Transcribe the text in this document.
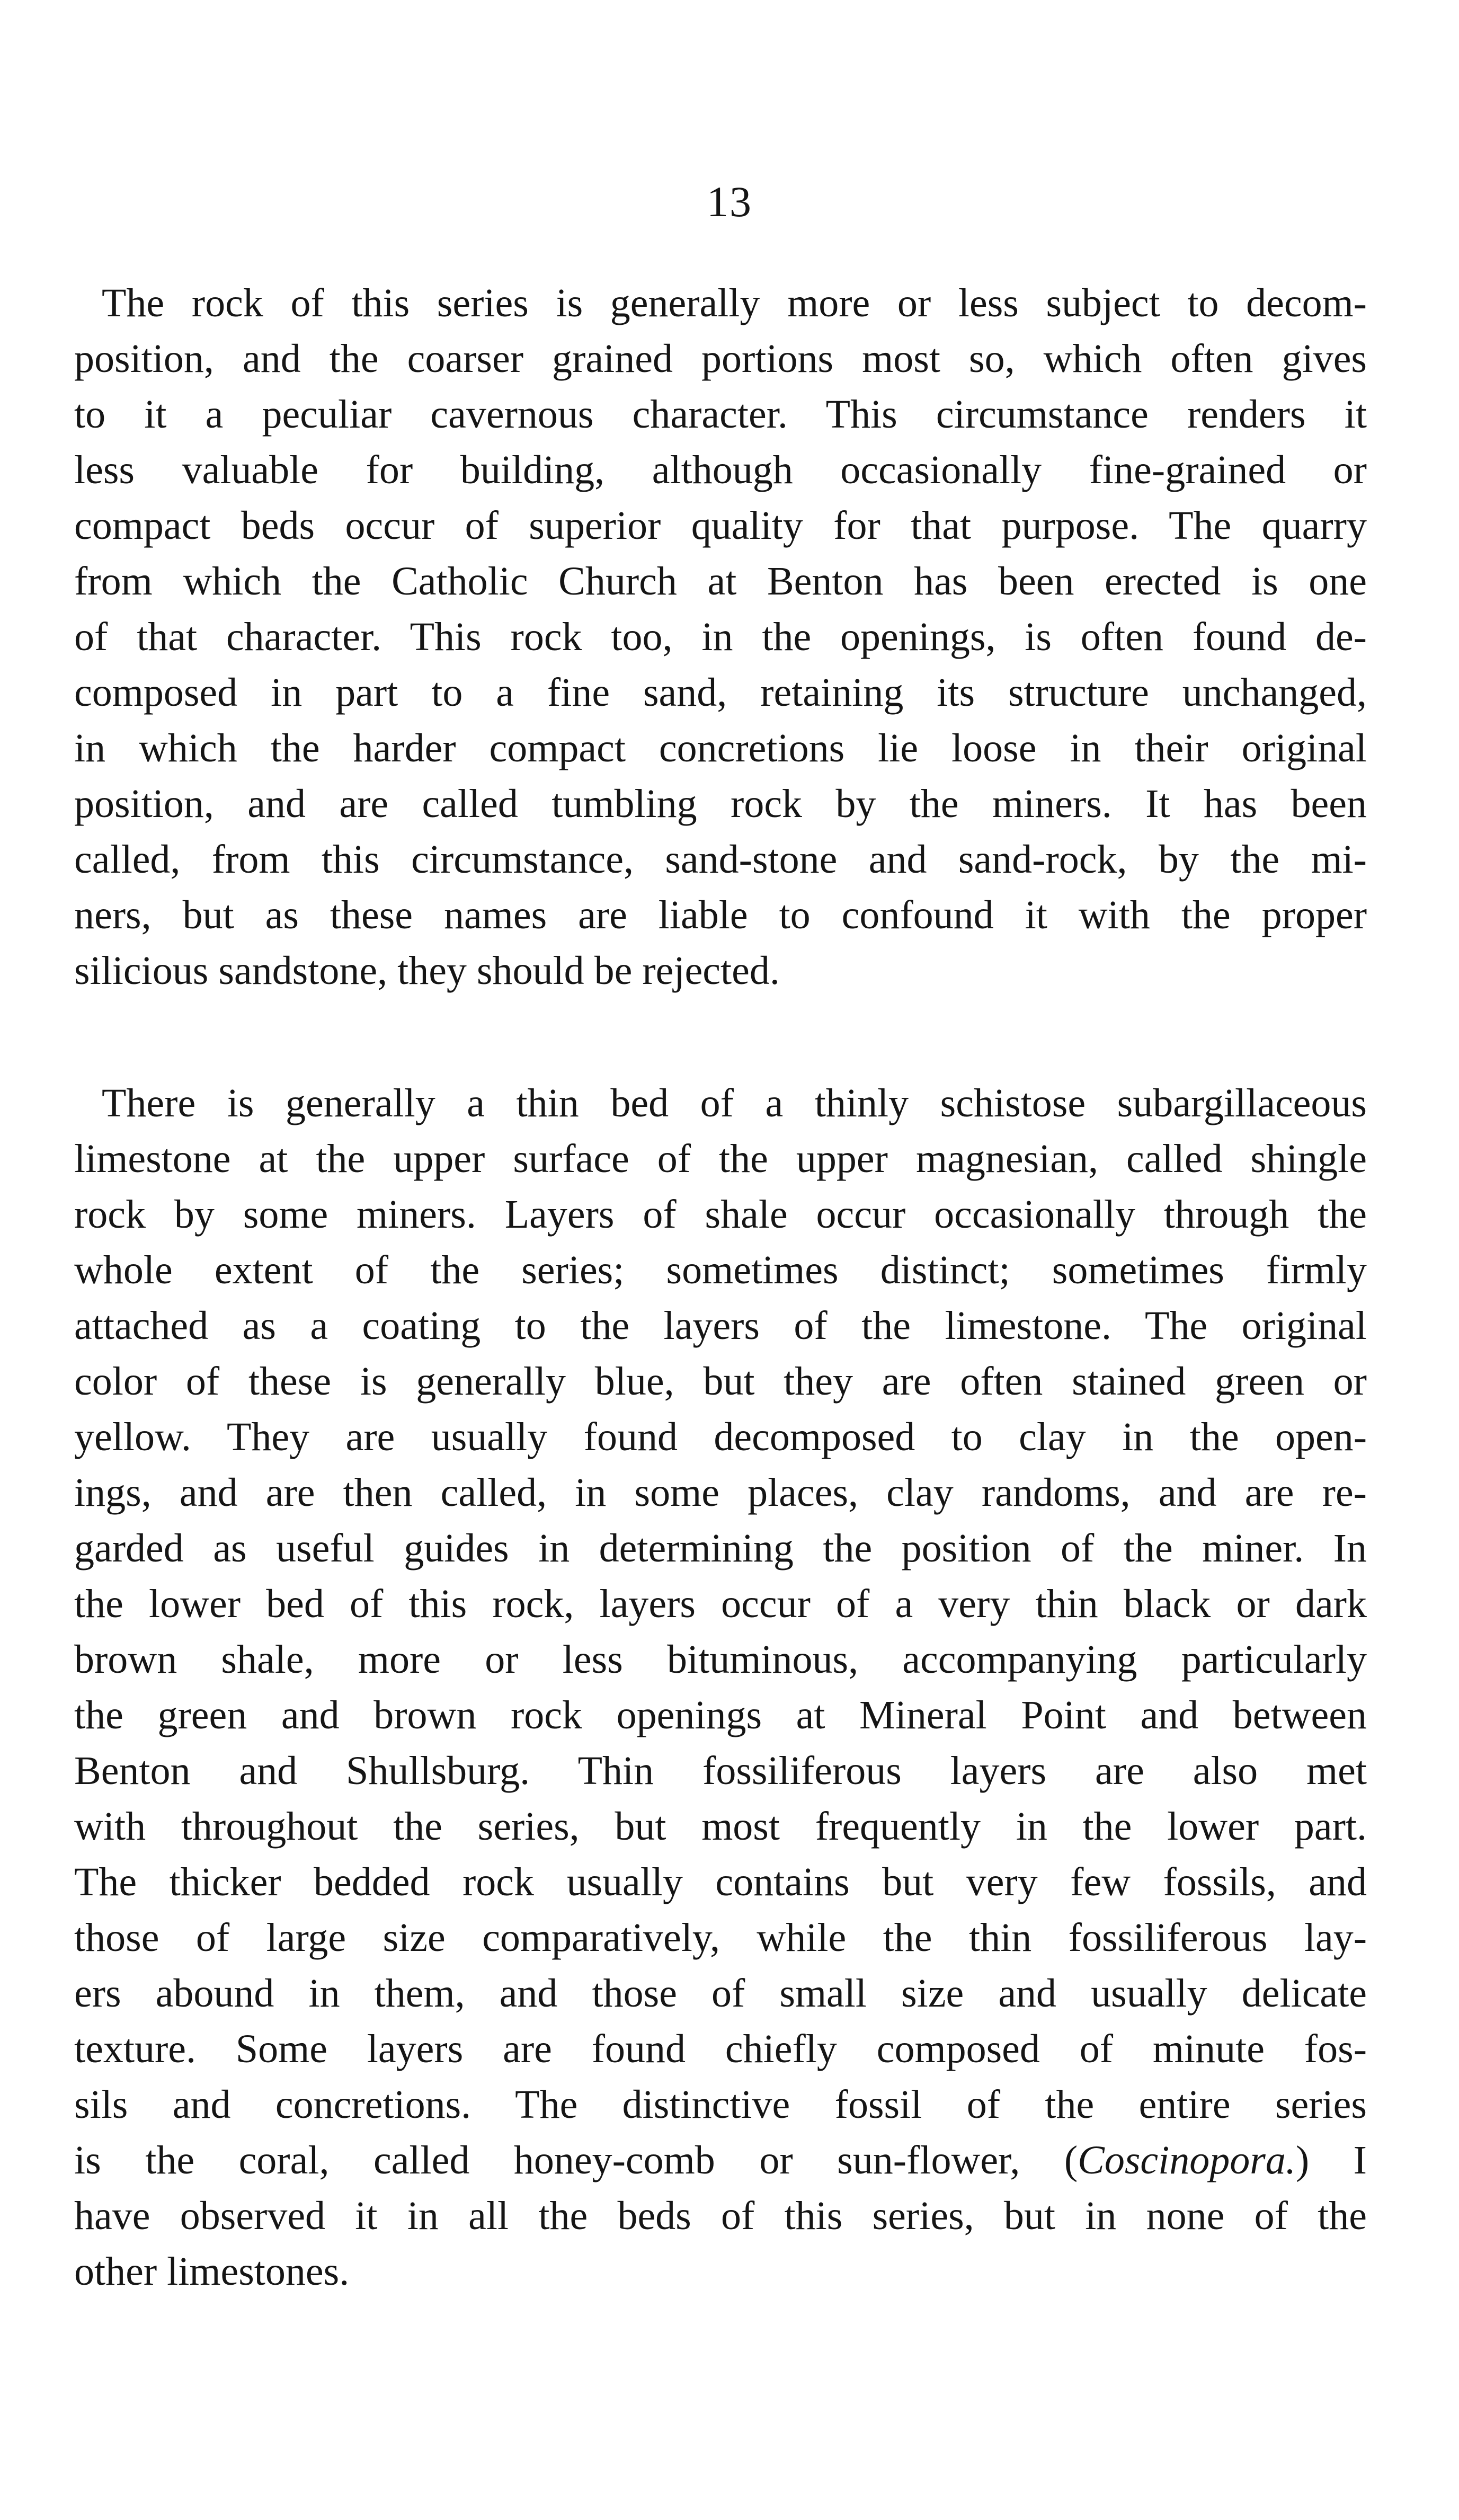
13
The rock of this series is generally more or less subject to decom-
position, and the coarser grained portions most so, which often gives
to it a peculiar cavernous character. This circumstance renders it
less valuable for building, although occasionally fine-grained or
compact beds occur of superior quality for that purpose. The quarry
from which the Catholic Church at Benton has been erected is one
of that character. This rock too, in the openings, is often found de-
composed in part to a fine sand, retaining its structure unchanged,
in which the harder compact concretions lie loose in their original
position, and are called tumbling rock by the miners. It has been
called, from this circumstance, sand-stone and sand-rock, by the mi-
ners, but as these names are liable to confound it with the proper
silicious sandstone, they should be rejected.
There is generally a thin bed of a thinly schistose subargillaceous
limestone at the upper surface of the upper magnesian, called shingle
rock by some miners. Layers of shale occur occasionally through the
whole extent of the series; sometimes distinct; sometimes firmly
attached as a coating to the layers of the limestone. The original
color of these is generally blue, but they are often stained green or
yellow. They are usually found decomposed to clay in the open-
ings, and are then called, in some places, clay randoms, and are re-
garded as useful guides in determining the position of the miner. In
the lower bed of this rock, layers occur of a very thin black or dark
brown shale, more or less bituminous, accompanying particularly
the green and brown rock openings at Mineral Point and between
Benton and Shullsburg. Thin fossiliferous layers are also met
with throughout the series, but most frequently in the lower part.
The thicker bedded rock usually contains but very few fossils, and
those of large size comparatively, while the thin fossiliferous lay-
ers abound in them, and those of small size and usually delicate
texture. Some layers are found chiefly composed of minute fos-
sils and concretions. The distinctive fossil of the entire series
is the coral, called honey-comb or sun-flower, (Coscinopora.) I
have observed it in all the beds of this series, but in none of the
other limestones.
